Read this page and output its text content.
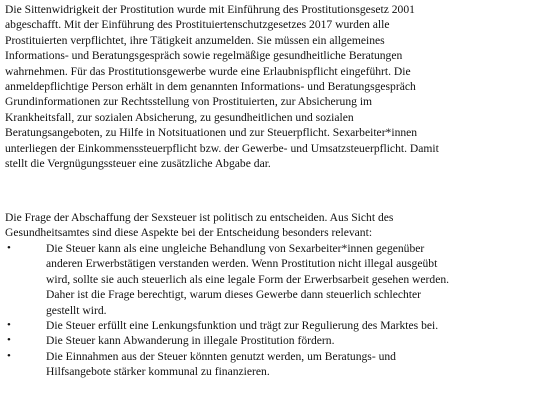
Die Sittenwidrigkeit der Prostitution wurde mit Einführung des Prostitutionsgesetz 2001
abgeschafft. Mit der Einführung des Prostituiertenschutzgesetzes 2017 wurden alle
Prostituierten verpflichtet, ihre Tätigkeit anzumelden. Sie müssen ein allgemeines
Informations- und Beratungsgespräch sowie regelmäßige gesundheitliche Beratungen
wahrnehmen. Für das Prostitutionsgewerbe wurde eine Erlaubnispflicht eingeführt. Die
anmeldepflichtige Person erhält in dem genannten Informations- und Beratungsgespräch
Grundinformationen zur Rechtsstellung von Prostituierten, zur Absicherung im
Krankheitsfall, zur sozialen Absicherung, zu gesundheitlichen und sozialen
Beratungsangeboten, zu Hilfe in Notsituationen und zur Steuerpflicht. Sexarbeiter*innen
unterliegen der Einkommenssteuerpflicht bzw. der Gewerbe- und Umsatzsteuerpflicht. Damit
stellt die Vergnügungssteuer eine zusätzliche Abgabe dar.

Die Frage der Abschaffung der Sexsteuer ist politisch zu entscheiden. Aus Sicht des
Gesundheitsamtes sind diese Aspekte bei der Entscheidung besonders relevant:

•	Die Steuer kann als eine ungleiche Behandlung von Sexarbeiter*innen gegenüber
anderen Erwerbstätigen verstanden werden. Wenn Prostitution nicht illegal ausgeübt
wird, sollte sie auch steuerlich als eine legale Form der Erwerbsarbeit gesehen werden.
Daher ist die Frage berechtigt, warum dieses Gewerbe dann steuerlich schlechter
gestellt wird.
•	Die Steuer erfüllt eine Lenkungsfunktion und trägt zur Regulierung des Marktes bei.
•	Die Steuer kann Abwanderung in illegale Prostitution fördern.
•	Die Einnahmen aus der Steuer könnten genutzt werden, um Beratungs- und
Hilfsangebote stärker kommunal zu finanzieren.
